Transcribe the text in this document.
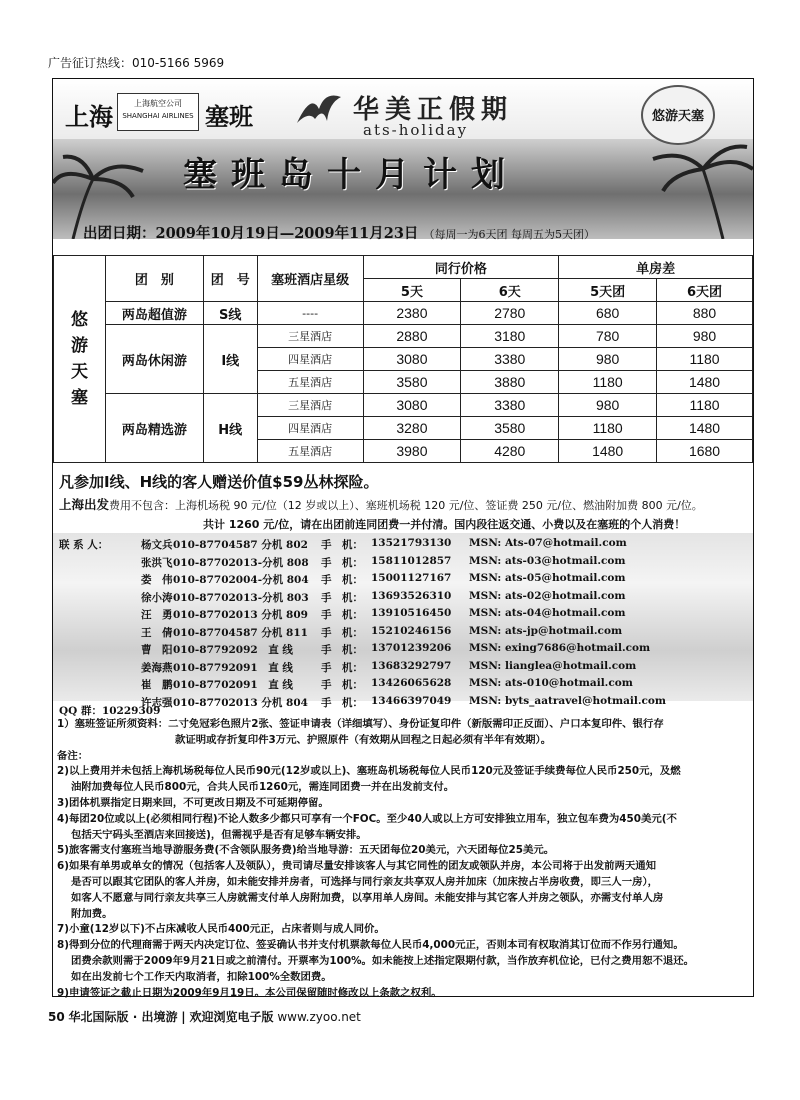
广告征订热线：010-5166 5969
上海	上海航空公司
SHANGHAI AIRLINES 塞班	华美正假期
ats-holiday
悠游天塞
塞班岛十月计划
出团日期：2009年10月19日—2009年11月23日 （每周一为6天团 每周五为5天团）
悠
游
天
塞	团　别	团　号	塞班酒店星级	同行价格		单房差	
				5天	6天	5天团	6天团
	两岛超值游	S线	----	2380	2780	680	880
	两岛休闲游	I线	三星酒店	2880	3180	780	980
			四星酒店	3080	3380	980	1180
			五星酒店	3580	3880	1180	1480
	两岛精选游	H线	三星酒店	3080	3380	980	1180
			四星酒店	3280	3580	1180	1480
			五星酒店	3980	4280	1480	1680
凡参加I线、H线的客人赠送价值$59丛林探险。
上海出发费用不包含：上海机场税 90 元/位（12 岁或以上）、塞班机场税 120 元/位、签证费 250 元/位、燃油附加费 800 元/位。
共计 1260 元/位，请在出团前连同团费一并付清。国内段往返交通、小费以及在塞班的个人消费！
联 系 人：	杨文兵 010-87704587 分机 802 手　机： 13521793130 MSN: Ats-07@hotmail.com
张洪飞 010-87702013-分机 808 手　机： 15811012857 MSN: ats-03@hotmail.com
娄　伟 010-87702004-分机 804 手　机： 15001127167 MSN: ats-05@hotmail.com
徐小涛 010-87702013-分机 803 手　机： 13693526310 MSN: ats-02@hotmail.com
汪　勇 010-87702013 分机 809 手　机： 13910516450 MSN: ats-04@hotmail.com
王　倩 010-87704587 分机 811 手　机： 15210246156 MSN: ats-jp@hotmail.com
曹　阳 010-87792092　直 线	手　机： 13701239206 MSN: exing7686@hotmail.com
姜海燕 010-87792091　直 线	手　机： 13683292797 MSN: lianglea@hotmail.com
崔　鹏 010-87702091　直 线	手　机： 13426065628 MSN: ats-010@hotmail.com
许志强 010-87702013 分机 804 手　机： 13466397049 MSN: byts_aatravel@hotmail.com
QQ 群：10229309

1）塞班签证所须资料：二寸免冠彩色照片2张、签证申请表（详细填写）、身份证复印件（新版需印正反面）、户口本复印件、银行存

款证明或存折复印件3万元、护照原件（有效期从回程之日起必须有半年有效期）。

备注：

2)以上费用并未包括上海机场税每位人民币90元(12岁或以上)、塞班岛机场税每位人民币120元及签证手续费每位人民币250元，及燃

油附加费每位人民币800元，合共人民币1260元，需连同团费一并在出发前支付。

3)团体机票指定日期来回，不可更改日期及不可延期停留。

4)每团20位或以上(必须相同行程)不论人数多少都只可享有一个FOC。至少40人或以上方可安排独立用车，独立包车费为450美元(不

包括天宁码头至酒店来回接送)，但需视乎是否有足够车辆安排。

5)旅客需支付塞班当地导游服务费(不含领队服务费)给当地导游：五天团每位20美元，六天团每位25美元。

6)如果有单男或单女的情况（包括客人及领队），贵司请尽量安排该客人与其它同性的团友或领队并房，本公司将于出发前两天通知

是否可以跟其它团队的客人并房，如未能安排并房者，可选择与同行亲友共享双人房并加床（加床按占半房收费，即三人一房），

如客人不愿意与同行亲友共享三人房就需支付单人房附加费，以享用单人房间。未能安排与其它客人并房之领队，亦需支付单人房

附加费。

7)小童(12岁以下)不占床减收人民币400元正，占床者则与成人同价。

8)得到分位的代理商需于两天内决定订位、签妥确认书并支付机票款每位人民币4,000元正，否则本司有权取消其订位而不作另行通知。

团费余款则需于2009年9月21日或之前清付。开票率为100%。如未能按上述指定限期付款，当作放弃机位论，已付之费用恕不退还。

如在出发前七个工作天内取消者，扣除100%全数团费。

9)申请签证之截止日期为2009年9月19日。本公司保留随时修改以上条款之权利。

50 华北国际版 · 出境游 | 欢迎浏览电子版 www.zyoo.net
